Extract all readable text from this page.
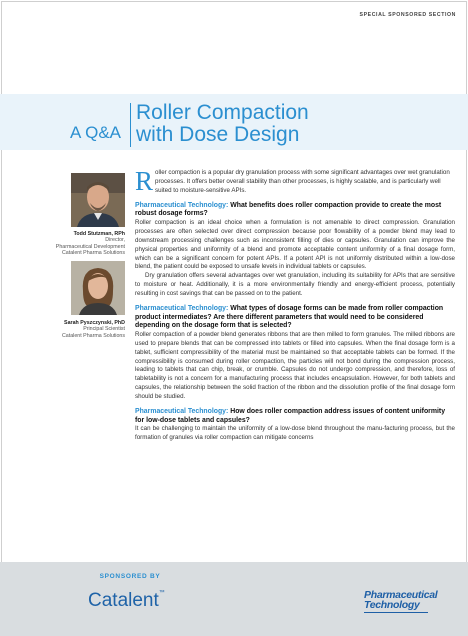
SPECIAL SPONSORED SECTION
A Q&A
Roller Compaction
with Dose Design
Todd Stutzman, RPh
Director,
Pharmaceutical Development
Catalent Pharma Solutions
Sarah Pyszczynski, PhD
Principal Scientist
Catalent Pharma Solutions
R oller compaction is a popular dry granulation process with some significant advantages over wet granulation processes. It offers better overall stability than other processes, is highly scalable, and is particularly well suited to moisture-sensitive APIs.
Pharmaceutical Technology: What benefits does roller compaction provide to create the most robust dosage forms?
Roller compaction is an ideal choice when a formulation is not amenable to direct compression. Granulation processes are often selected over direct compression because poor flowability of a powder blend may lead to downstream processing challenges such as inconsistent filling of dies or capsules. Granulation can improve the physical properties and uniformity of a blend and promote acceptable content uniformity of a final dosage form, which can be a significant concern for potent APIs. If a potent API is not uniformly distributed within a low-dose blend, the patient could be exposed to unsafe levels in individual tablets or capsules.
Dry granulation offers several advantages over wet granulation, including its suitability for APIs that are sensitive to moisture or heat. Additionally, it is a more environmentally friendly and energy-efficient process, potentially resulting in cost savings that can be passed on to the patient.
Pharmaceutical Technology: What types of dosage forms can be made from roller compaction product intermediates? Are there different parameters that would need to be considered depending on the dosage form that is selected?
Roller compaction of a powder blend generates ribbons that are then milled to form granules. The milled ribbons are used to prepare blends that can be compressed into tablets or filled into capsules. When the final dosage form is a tablet, sufficient compressibility of the material must be maintained so that acceptable tablets can be formed. If the compressibility is consumed during roller compaction, the particles will not bond during the compression process, leading to tablets that can chip, break, or crumble. Capsules do not undergo compression, and therefore, loss of tabletability is not a concern for a manufacturing process that includes encapsulation. However, for both tablets and capsules, the relationship between the solid fraction of the ribbon and the dissolution profile of the final dosage form should be studied.
Pharmaceutical Technology: How does roller compaction address issues of content uniformity for low-dose tablets and capsules?
It can be challenging to maintain the uniformity of a low-dose blend throughout the manu-facturing process, but the formation of granules via roller compaction can mitigate concerns
SPONSORED BY
Catalent™	Pharmaceutical
Technology
